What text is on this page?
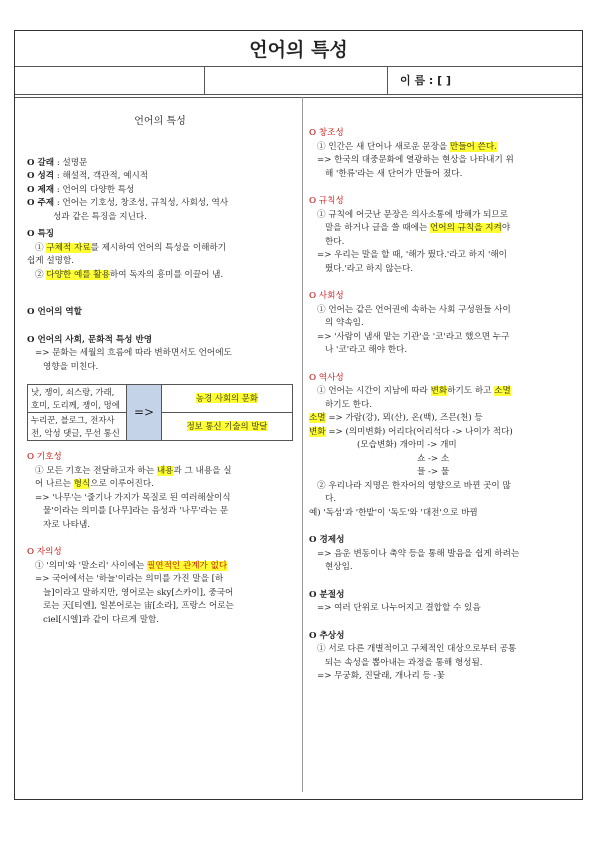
언어의 특성
이 름 : [ ]

언어의 특성

O 갈래 : 설명문

O 성격 : 해설적, 객관적, 예시적

O 제재 : 언어의 다양한 특성

O 주제 : 언어는 기호성, 창조성, 규칙성, 사회성, 역사

성과 같은 특징을 지닌다.

O 특징

① 구체적 자료를 제시하여 언어의 특성을 이해하기

쉽게 설명함.

② 다양한 예를 활용하여 독자의 흥미를 이끌어 냄.

O 언어의 역할

O 언어의 사회, 문화적 특성 반영

=> 문화는 세월의 흐름에 따라 변하면서도 언어에도

영향을 미친다.

낫, 쟁이, 쇠스랑, 가래, 호미, 도리께, 쟁이, 멍에	=>	농경 사회의 문화
누리꾼, 블로그, 전자사전, 악성 댓글, 무선 통신		정보 통신 기술의 발달

O 기호성

① 모든 기호는 전달하고자 하는 내용과 그 내용을 실

어 나르는 형식으로 이루어진다.

=> '나무'는 '줄기나 가지가 목질로 된 여러해살이식

물'이라는 의미를 [나무]라는 음성과 '나무'라는 문

자로 나타냄.

O 자의성

① '의미'와 '말소리' 사이에는 필연적인 관계가 없다

=> 국어에서는 '하늘'이라는 의미를 가진 말을 [하

늘]이라고 말하지만, 영어로는 sky[스카이], 중국어

로는 天[티엔], 일본어로는 宙[소라], 프랑스 어로는

ciel[시엘]과 같이 다르게 말함.

O 창조성

① 인간은 새 단어나 새로운 문장을 만들어 쓴다.

=> 한국의 대중문화에 열광하는 현상을 나타내기 위

해 '한류'라는 새 단어가 만들어 졌다.

O 규칙성

① 규칙에 어긋난 문장은 의사소통에 방해가 되므로

말을 하거나 글을 쓸 때에는 언어의 규칙을 지켜야

한다.

=> 우리는 말을 할 때, '해가 뜄다.'라고 하지 '해이

뜄다.'라고 하지 않는다.

O 사회성

① 언어는 같은 언어권에 속하는 사회 구성원들 사이

의 약속임.

=> '사람이 냄새 맡는 기관'을 '코'라고 했으면 누구

나 '코'라고 해야 한다.

O 역사성

① 언어는 시간이 지남에 따라 변화하기도 하고 소멸

하기도 한다.

소멸 => 가람(강), 뫼(산), 온(백), 즈믄(천) 등

변화 => (의미변화) 어리다(어리석다 -> 나이가 적다)

(모습변화) 개아미 -> 개미

쇼 -> 소

믈 -> 물

② 우리나라 지명은 한자어의 영향으로 바뀐 곳이 많

다.

예) '독섬'과 '한밭'이 '독도'와 '대전'으로 바뀜

O 경제성

=> 음운 변동이나 축약 등을 통해 발음을 쉽게 하려는

현상임.

O 분절성

=> 여러 단위로 나누어지고 결합할 수 있음

O 추상성

① 서로 다른 개별적이고 구체적인 대상으로부터 공통

되는 속성을 뽑아내는 과정을 통해 형성됨.

=> 무궁화, 진달래, 개나리 등 -꽃
